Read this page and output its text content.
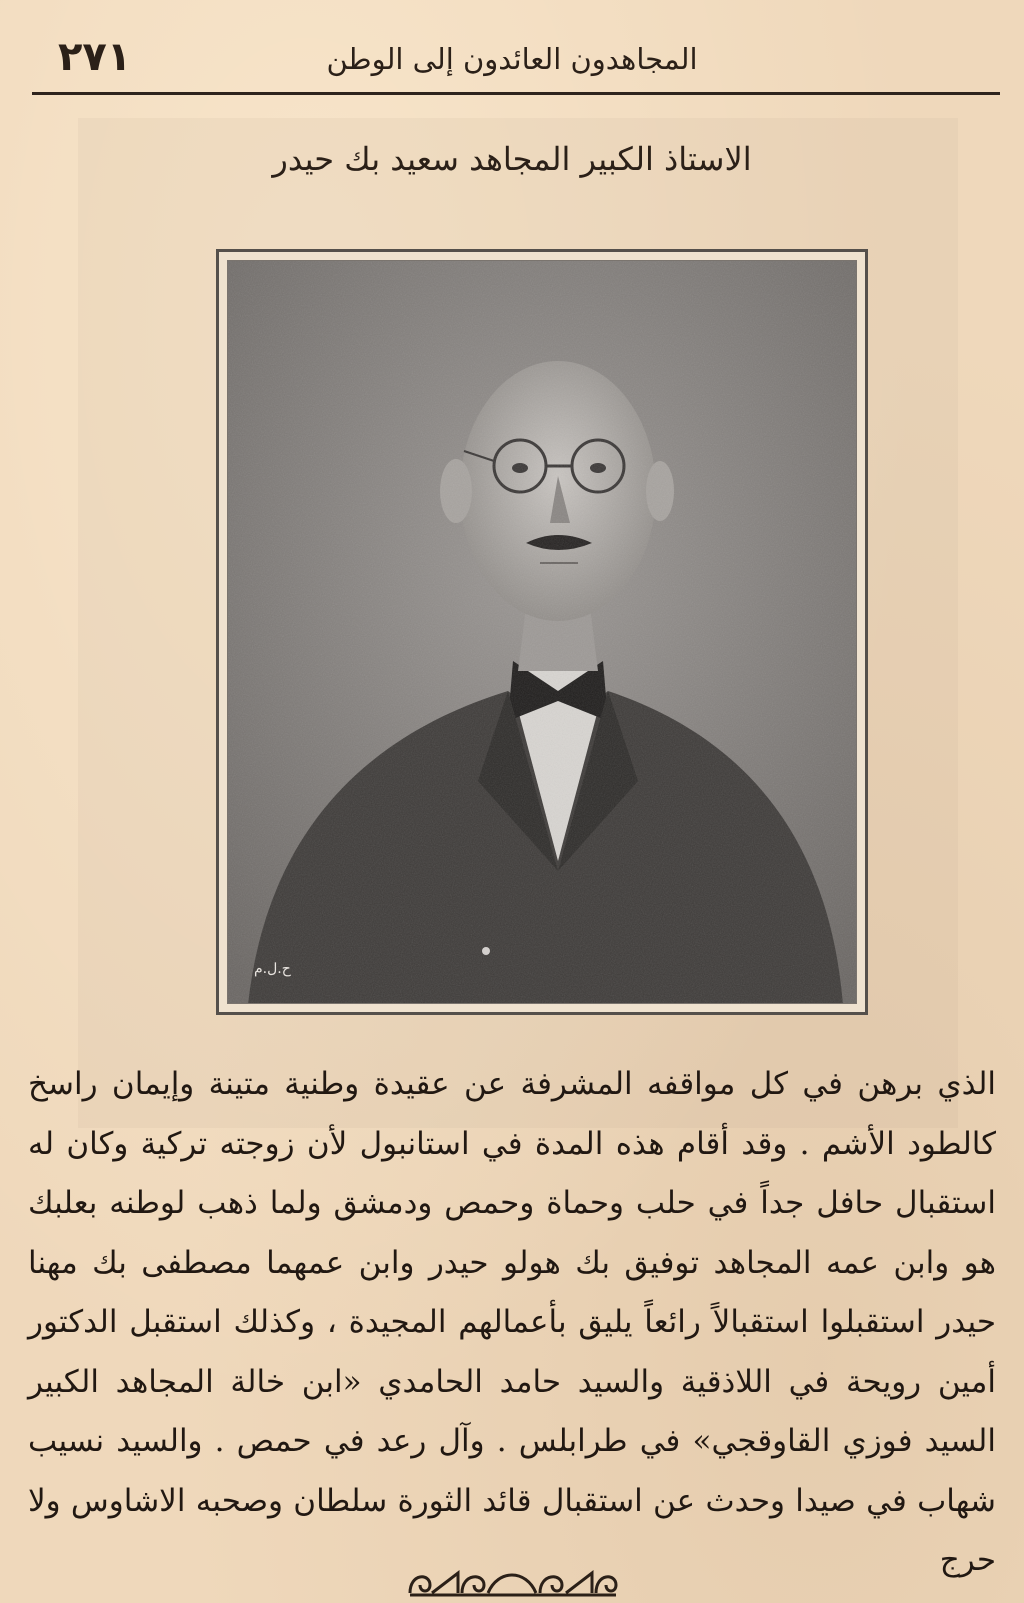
٢٧١	المجاهدون العائدون إلى الوطن
الاستاذ الكبير المجاهد سعيد بك حيدر
ح.ل.م

الذي برهن في كل مواقفه المشرفة عن عقيدة وطنية متينة وإيمان راسخ كالطود الأشم . وقد أقام هذه المدة في استانبول لأن زوجته تركية وكان له استقبال حافل جداً في حلب وحماة وحمص ودمشق ولما ذهب لوطنه بعلبك هو وابن عمه المجاهد توفيق بك هولو حيدر وابن عمهما مصطفى بك مهنا حيدر استقبلوا استقبالاً رائعاً يليق بأعمالهم المجيدة ، وكذلك استقبل الدكتور أمين رويحة في اللاذقية والسيد حامد الحامدي «ابن خالة المجاهد الكبير السيد فوزي القاوقجي» في طرابلس . وآل رعد في حمص . والسيد نسيب شهاب في صيدا وحدث عن استقبال قائد الثورة سلطان وصحبه الاشاوس ولا حرج
